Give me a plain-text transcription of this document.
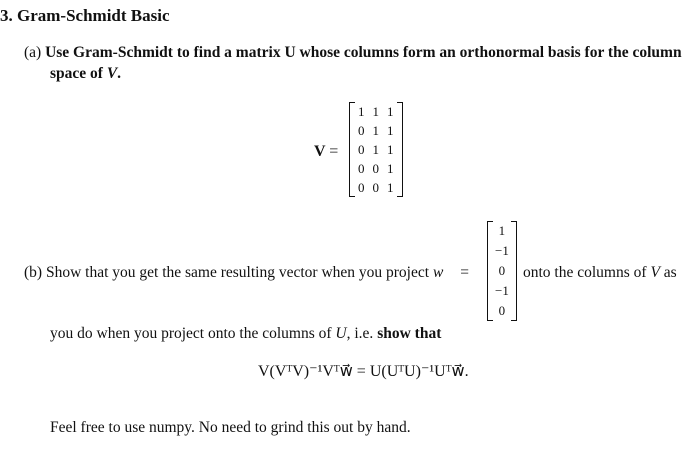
3. Gram-Schmidt Basic
(a) Use Gram-Schmidt to find a matrix U whose columns form an orthonormal basis for the column
space of V.
V =
1	1	1
0	1	1
0	1	1
0	0	1
0	0	1
(b) Show that you get the same resulting vector when you project w⃗ =
1
−1
0
−1
0
onto the columns of V as
you do when you project onto the columns of U, i.e. show that
V(VᵀV)⁻¹Vᵀw⃗ = U(UᵀU)⁻¹Uᵀw⃗.
Feel free to use numpy. No need to grind this out by hand.
